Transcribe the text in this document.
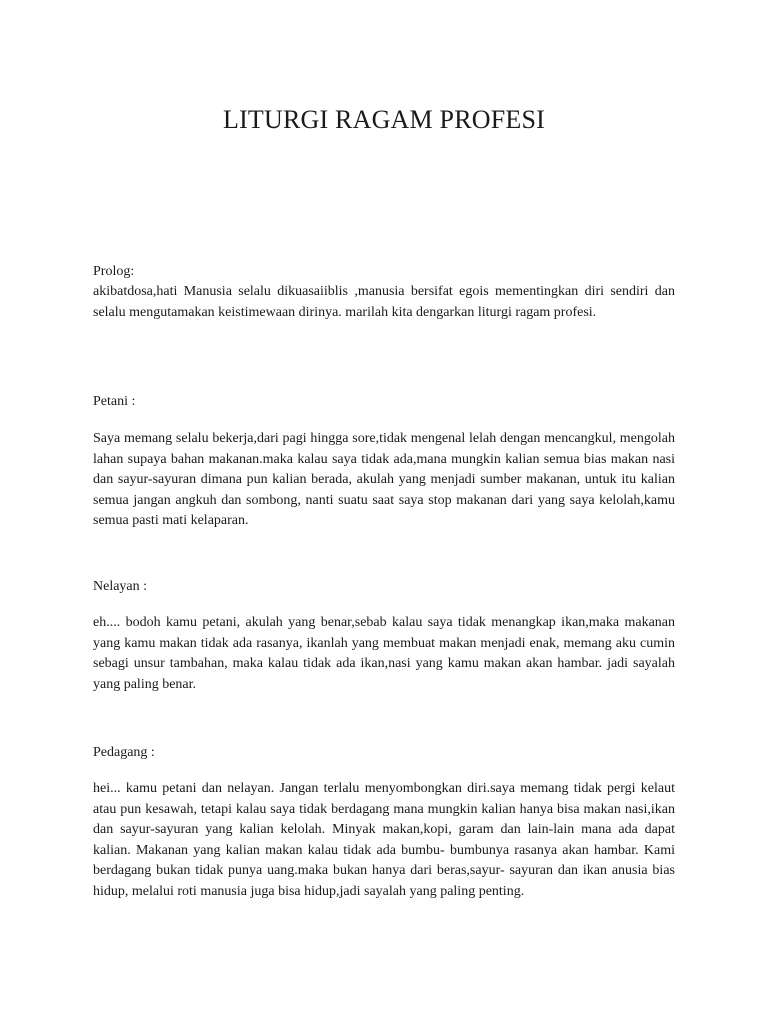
LITURGI RAGAM PROFESI

Prolog:

akibatdosa,hati Manusia selalu dikuasaiiblis ,manusia bersifat egois mementingkan diri sendiri dan selalu mengutamakan keistimewaan dirinya. marilah kita dengarkan liturgi ragam profesi.

Petani :

Saya memang selalu bekerja,dari pagi hingga sore,tidak mengenal lelah dengan mencangkul, mengolah lahan supaya bahan makanan.maka kalau saya tidak ada,mana mungkin kalian semua bias makan nasi dan sayur-sayuran dimana pun kalian berada, akulah yang menjadi sumber makanan, untuk itu kalian semua jangan angkuh dan sombong, nanti suatu saat saya stop makanan dari yang saya kelolah,kamu semua pasti mati kelaparan.

Nelayan :

eh.... bodoh kamu petani, akulah yang benar,sebab kalau saya tidak menangkap ikan,maka makanan yang kamu makan tidak ada rasanya, ikanlah yang membuat makan menjadi enak, memang aku cumin sebagi unsur tambahan, maka kalau tidak ada ikan,nasi yang kamu makan akan hambar. jadi sayalah yang paling benar.

Pedagang :

hei... kamu petani dan nelayan. Jangan terlalu menyombongkan diri.saya memang tidak pergi kelaut atau pun kesawah, tetapi kalau saya tidak berdagang mana mungkin kalian hanya bisa makan nasi,ikan dan sayur-sayuran yang kalian kelolah. Minyak makan,kopi, garam dan lain-lain mana ada dapat kalian. Makanan yang kalian makan kalau tidak ada bumbu- bumbunya rasanya akan hambar. Kami berdagang bukan tidak punya uang.maka bukan hanya dari beras,sayur- sayuran dan ikan anusia bias hidup, melalui roti manusia juga bisa hidup,jadi sayalah yang paling penting.
